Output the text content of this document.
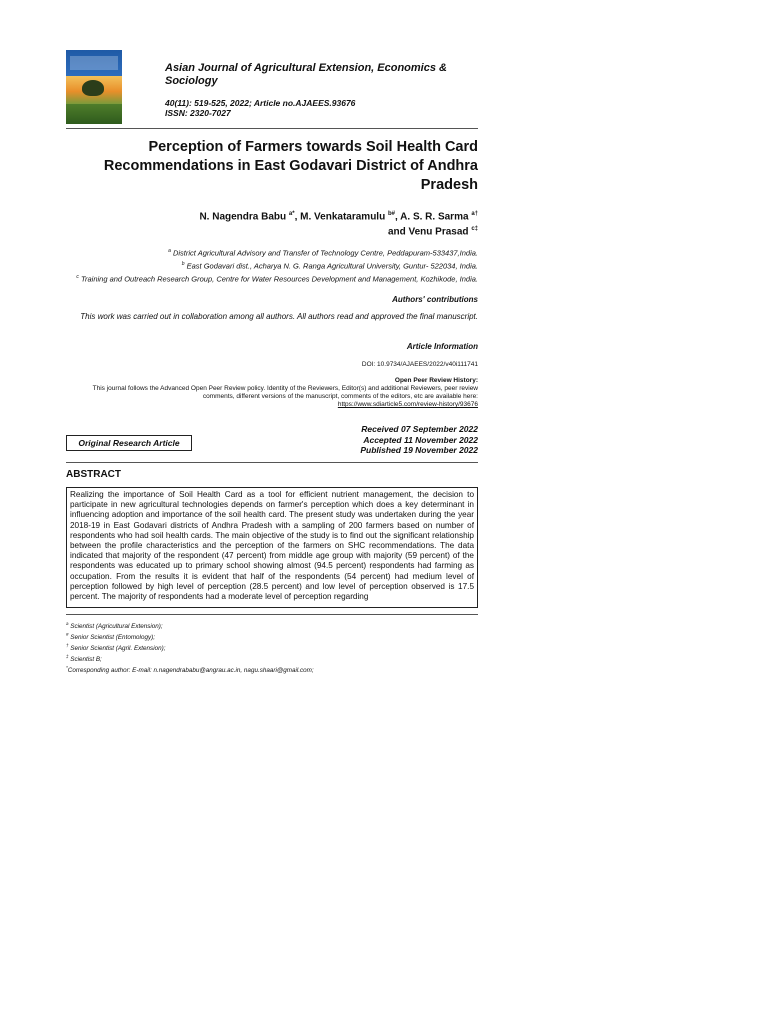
Asian Journal of Agricultural Extension, Economics & Sociology
40(11): 519-525, 2022; Article no.AJAEES.93676
ISSN: 2320-7027
Perception of Farmers towards Soil Health Card Recommendations in East Godavari District of Andhra Pradesh
N. Nagendra Babu $^{a*}$, M. Venkataramulu $^{b\#}$, A. S. R. Sarma $^{a\dagger}$
and Venu Prasad $^{c\ddagger}$
$^a$ District Agricultural Advisory and Transfer of Technology Centre, Peddapuram-533437,India.
$^b$ East Godavari dist., Acharya N. G. Ranga Agricultural University, Guntur- 522034, India.
$^c$ Training and Outreach Research Group, Centre for Water Resources Development and Management, Kozhikode, India.
Authors' contributions
This work was carried out in collaboration among all authors. All authors read and approved the final manuscript.
Article Information
DOI: 10.9734/AJAEES/2022/v40i111741
Open Peer Review History:
This journal follows the Advanced Open Peer Review policy. Identity of the Reviewers, Editor(s) and additional Reviewers, peer review comments, different versions of the manuscript, comments of the editors, etc are available here:
https://www.sdiarticle5.com/review-history/93676
Original Research Article
Received 07 September 2022
Accepted 11 November 2022
Published 19 November 2022
ABSTRACT
Realizing the importance of Soil Health Card as a tool for efficient nutrient management, the decision to participate in new agricultural technologies depends on farmer's perception which does a key determinant in influencing adoption and importance of the soil health card. The present study was undertaken during the year 2018-19 in East Godavari districts of Andhra Pradesh with a sampling of 200 farmers based on number of respondents who had soil health cards. The main objective of the study is to find out the significant relationship between the profile characteristics and the perception of the farmers on SHC recommendations. The data indicated that majority of the respondent (47 percent) from middle age group with majority (59 percent) of the respondents was educated up to primary school showing almost (94.5 percent) respondents had farming as occupation. From the results it is evident that half of the respondents (54 percent) had medium level of perception followed by high level of perception (28.5 percent) and low level of perception observed is 17.5 percent. The majority of respondents had a moderate level of perception regarding
$^a$ Scientist (Agricultural Extension);
# Senior Scientist (Entomology);
† Senior Scientist (Agril. Extension);
‡ Scientist B;
*Corresponding author: E-mail: n.nagendrababu@angrau.ac.in, nagu.shaari@gmail.com;
